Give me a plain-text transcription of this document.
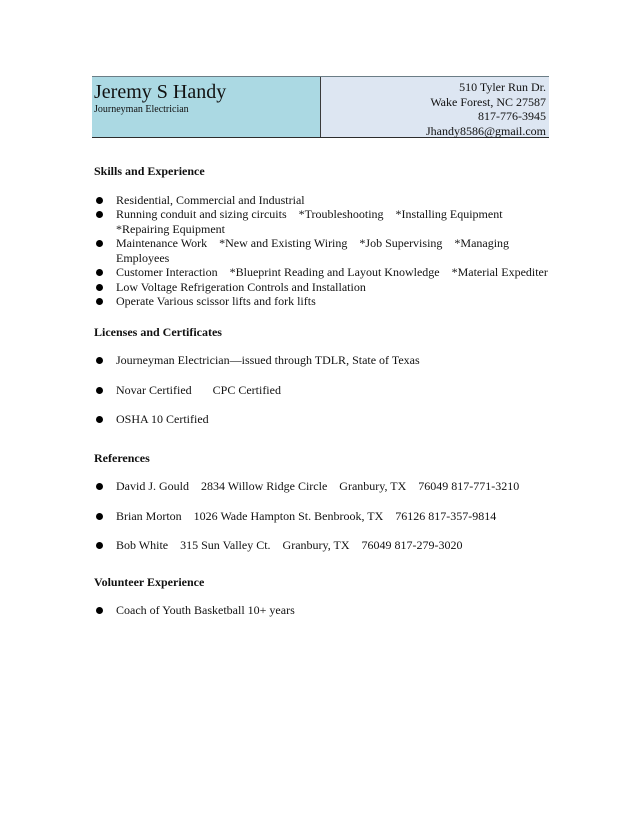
Jeremy S Handy
Journeyman Electrician
510 Tyler Run Dr.
Wake Forest, NC 27587
817-776-3945
Jhandy8586@gmail.com

Skills and Experience

Residential, Commercial and Industrial
Running conduit and sizing circuits    *Troubleshooting    *Installing Equipment *Repairing Equipment
Maintenance Work    *New and Existing Wiring    *Job Supervising    *Managing Employees
Customer Interaction    *Blueprint Reading and Layout Knowledge    *Material Expediter
Low Voltage Refrigeration Controls and Installation
Operate Various scissor lifts and fork lifts

Licenses and Certificates

Journeyman Electrician—issued through TDLR, State of Texas
Novar Certified       CPC Certified
OSHA 10 Certified

References

David J. Gould    2834 Willow Ridge Circle    Granbury, TX    76049 817-771-3210
Brian Morton    1026 Wade Hampton St. Benbrook, TX    76126 817-357-9814
Bob White    315 Sun Valley Ct.    Granbury, TX    76049 817-279-3020

Volunteer Experience

Coach of Youth Basketball 10+ years
